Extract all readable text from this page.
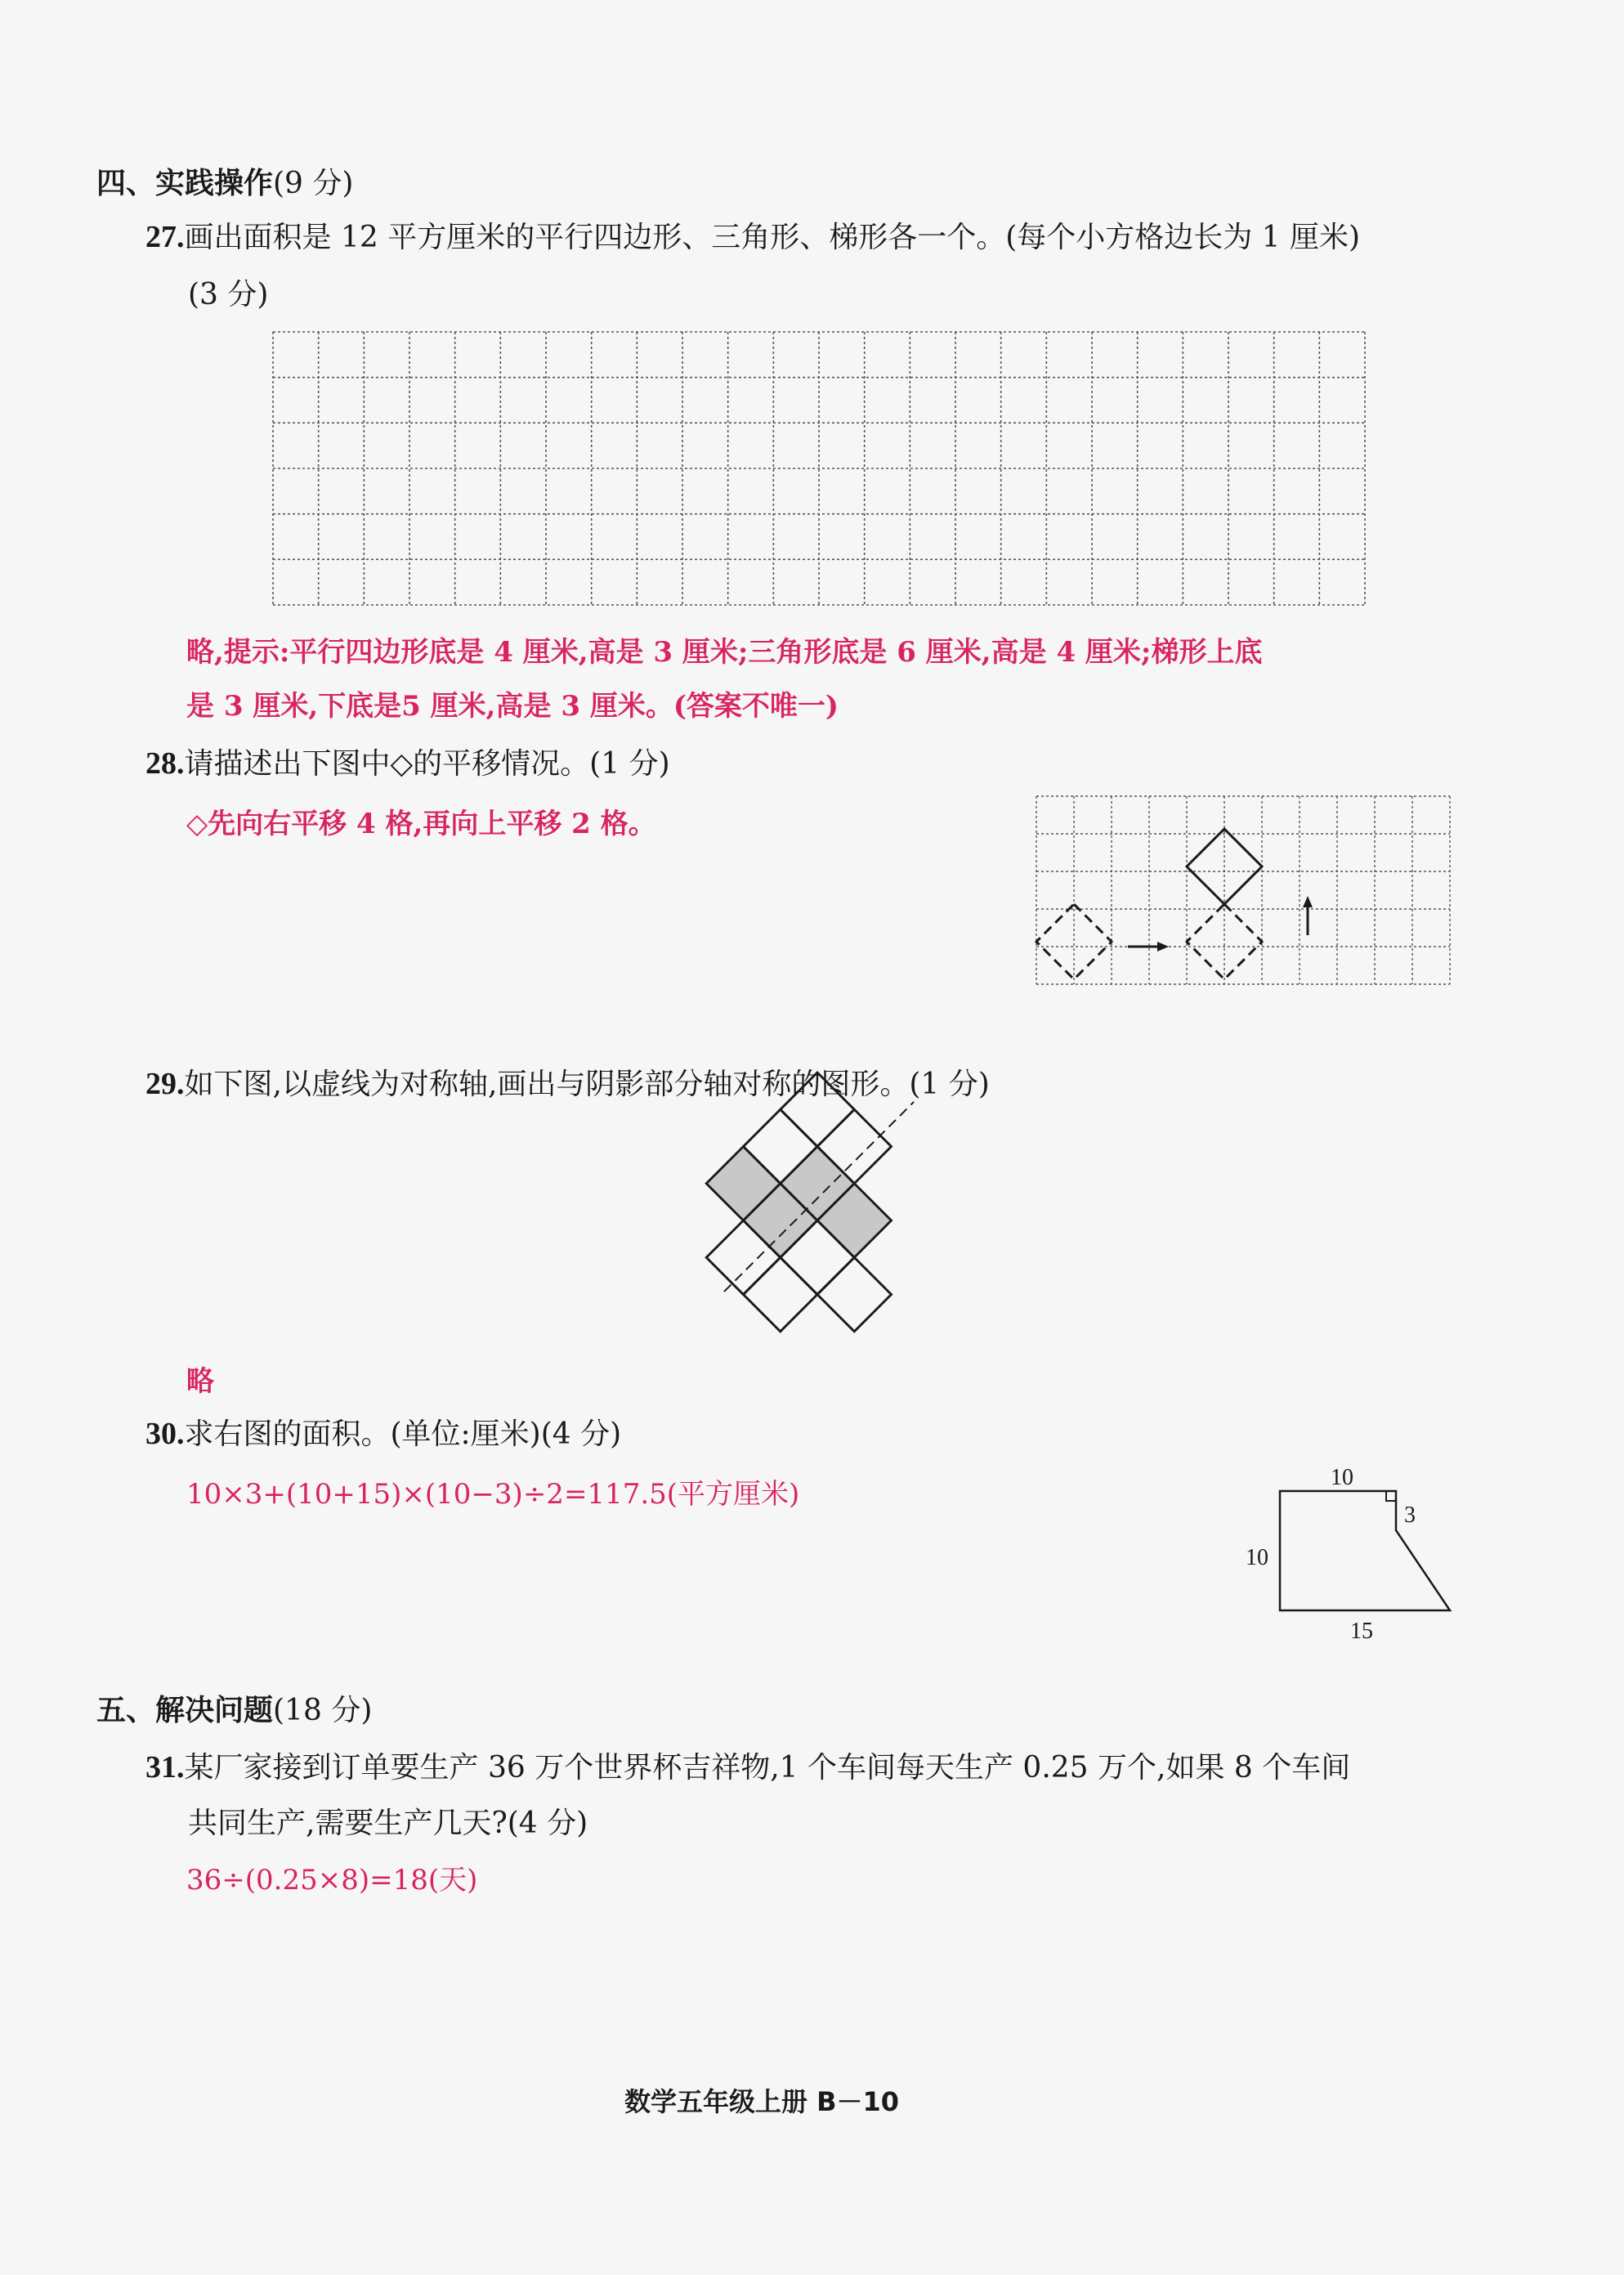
四、实践操作(9 分)
27.画出面积是 12 平方厘米的平行四边形、三角形、梯形各一个。(每个小方格边长为 1 厘米)
(3 分)
略,提示:平行四边形底是 4 厘米,高是 3 厘米;三角形底是 6 厘米,高是 4 厘米;梯形上底
是 3 厘米,下底是5 厘米,高是 3 厘米。(答案不唯一)
28.请描述出下图中◇的平移情况。(1 分)
◇先向右平移 4 格,再向上平移 2 格。
29.如下图,以虚线为对称轴,画出与阴影部分轴对称的图形。(1 分)
略
30.求右图的面积。(单位:厘米)(4 分)
10×3+(10+15)×(10−3)÷2=117.5(平方厘米)
10
3
10
15
五、解决问题(18 分)
31.某厂家接到订单要生产 36 万个世界杯吉祥物,1 个车间每天生产 0.25 万个,如果 8 个车间
共同生产,需要生产几天?(4 分)
36÷(0.25×8)=18(天)
数学五年级上册 B－10
